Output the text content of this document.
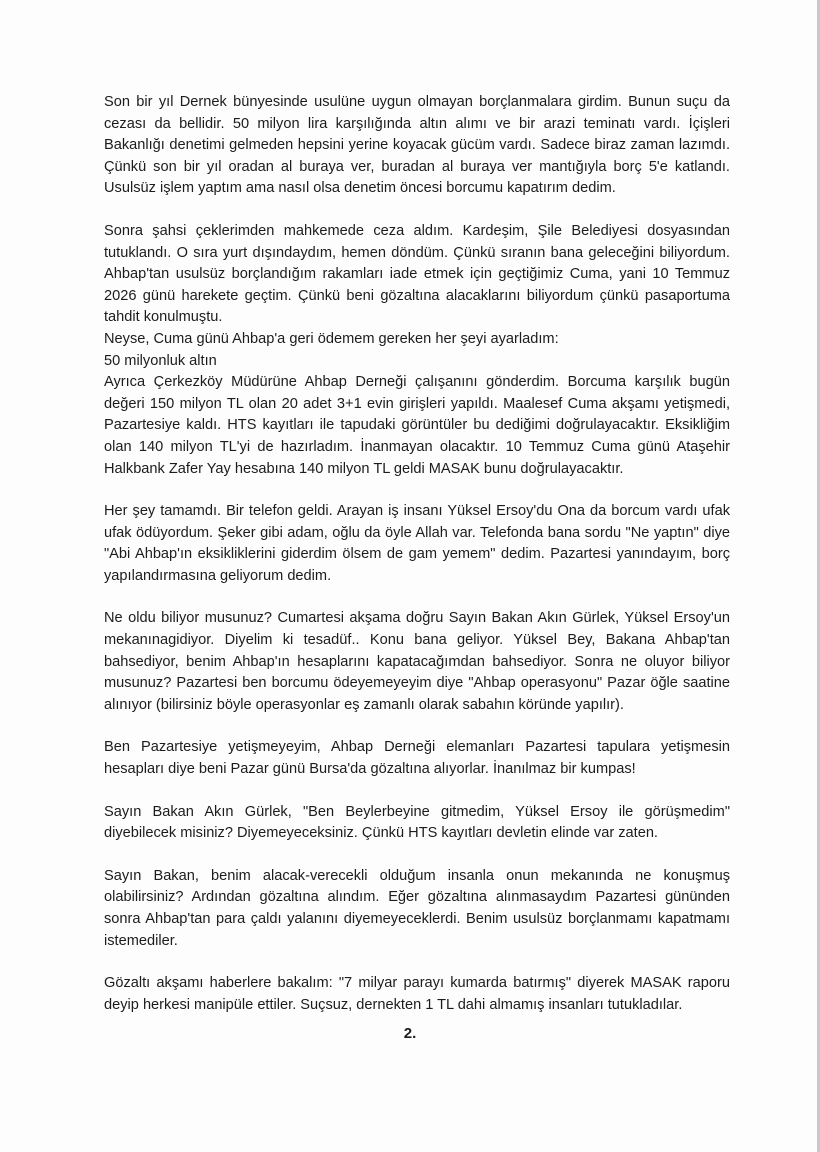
Son bir yıl Dernek bünyesinde usulüne uygun olmayan borçlanmalara girdim. Bunun suçu da cezası da bellidir. 50 milyon lira karşılığında altın alımı ve bir arazi teminatı vardı. İçişleri Bakanlığı denetimi gelmeden hepsini yerine koyacak gücüm vardı. Sadece biraz zaman lazımdı. Çünkü son bir yıl oradan al buraya ver, buradan al buraya ver mantığıyla borç 5'e katlandı. Usulsüz işlem yaptım ama nasıl olsa denetim öncesi borcumu kapatırım dedim.

Sonra şahsi çeklerimden mahkemede ceza aldım. Kardeşim, Şile Belediyesi dosyasından tutuklandı. O sıra yurt dışındaydım, hemen döndüm. Çünkü sıranın bana geleceğini biliyordum. Ahbap'tan usulsüz borçlandığım rakamları iade etmek için geçtiğimiz Cuma, yani 10 Temmuz 2026 günü harekete geçtim. Çünkü beni gözaltına alacaklarını biliyordum çünkü pasaportuma tahdit konulmuştu.

Neyse, Cuma günü Ahbap'a geri ödemem gereken her şeyi ayarladım:

50 milyonluk altın

Ayrıca Çerkezköy Müdürüne Ahbap Derneği çalışanını gönderdim. Borcuma karşılık bugün değeri 150 milyon TL olan 20 adet 3+1 evin girişleri yapıldı. Maalesef Cuma akşamı yetişmedi, Pazartesiye kaldı. HTS kayıtları ile tapudaki görüntüler bu dediğimi doğrulayacaktır. Eksikliğim olan 140 milyon TL'yi de hazırladım. İnanmayan olacaktır. 10 Temmuz Cuma günü Ataşehir Halkbank Zafer Yay hesabına 140 milyon TL geldi MASAK bunu doğrulayacaktır.

Her şey tamamdı. Bir telefon geldi. Arayan iş insanı Yüksel Ersoy'du Ona da borcum vardı ufak ufak ödüyordum. Şeker gibi adam, oğlu da öyle Allah var. Telefonda bana sordu "Ne yaptın" diye "Abi Ahbap'ın eksikliklerini giderdim ölsem de gam yemem" dedim. Pazartesi yanındayım, borç yapılandırmasına geliyorum dedim.

Ne oldu biliyor musunuz? Cumartesi akşama doğru Sayın Bakan Akın Gürlek, Yüksel Ersoy'un mekanınagidiyor. Diyelim ki tesadüf.. Konu bana geliyor. Yüksel Bey, Bakana Ahbap'tan bahsediyor, benim Ahbap'ın hesaplarını kapatacağımdan bahsediyor. Sonra ne oluyor biliyor musunuz? Pazartesi ben borcumu ödeyemeyeyim diye "Ahbap operasyonu" Pazar öğle saatine alınıyor (bilirsiniz böyle operasyonlar eş zamanlı olarak sabahın köründe yapılır).

Ben Pazartesiye yetişmeyeyim, Ahbap Derneği elemanları Pazartesi tapulara yetişmesin hesapları diye beni Pazar günü Bursa'da gözaltına alıyorlar. İnanılmaz bir kumpas!

Sayın Bakan Akın Gürlek, "Ben Beylerbeyine gitmedim, Yüksel Ersoy ile görüşmedim" diyebilecek misiniz? Diyemeyeceksiniz. Çünkü HTS kayıtları devletin elinde var zaten.

Sayın Bakan, benim alacak-verecekli olduğum insanla onun mekanında ne konuşmuş olabilirsiniz? Ardından gözaltına alındım. Eğer gözaltına alınmasaydım Pazartesi gününden sonra Ahbap'tan para çaldı yalanını diyemeyeceklerdi. Benim usulsüz borçlanmamı kapatmamı istemediler.

Gözaltı akşamı haberlere bakalım: "7 milyar parayı kumarda batırmış" diyerek MASAK raporu deyip herkesi manipüle ettiler. Suçsuz, dernekten 1 TL dahi almamış insanları tutukladılar.

2.
